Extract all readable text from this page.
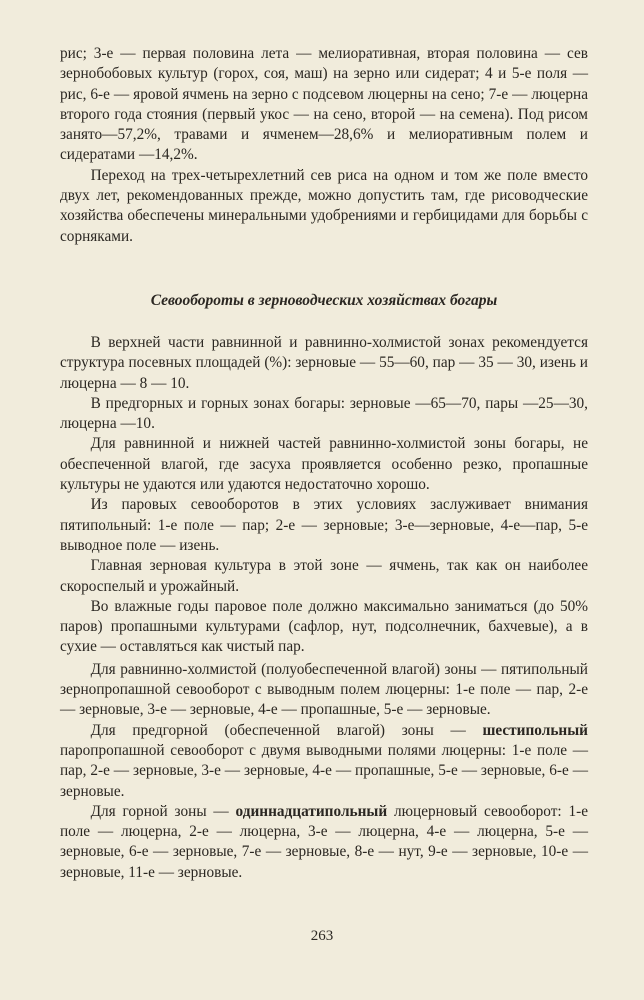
рис; 3-е — первая половина лета — мелиоративная, вторая половина — сев зернобобовых культур (горох, соя, маш) на зерно или сидерат; 4 и 5-е поля — рис, 6-е — яровой ячмень на зерно с подсевом люцерны на сено; 7-е — люцерна второго года стояния (первый укос — на сено, второй — на семена). Под рисом занято—57,2%, травами и ячменем—28,6% и мелиоративным полем и сидератами —14,2%.

Переход на трех-четырехлетний сев риса на одном и том же поле вместо двух лет, рекомендованных прежде, можно допустить там, где рисоводческие хозяйства обеспечены минеральными удобрениями и гербицидами для борьбы с сорняками.

Севообороты в зерноводческих хозяйствах богары

В верхней части равнинной и равнинно-холмистой зонах рекомендуется структура посевных площадей (%): зерновые — 55—60, пар — 35 — 30, изень и люцерна — 8 — 10.

В предгорных и горных зонах богары: зерновые —65—70, пары —25—30, люцерна —10.

Для равнинной и нижней частей равнинно-холмистой зоны богары, не обеспеченной влагой, где засуха проявляется особенно резко, пропашные культуры не удаются или удаются недостаточно хорошо.

Из паровых севооборотов в этих условиях заслуживает внимания пятипольный: 1-е поле — пар; 2-е — зерновые; 3-е—зерновые, 4-е—пар, 5-е выводное поле — изень.

Главная зерновая культура в этой зоне — ячмень, так как он наиболее скороспелый и урожайный.

Во влажные годы паровое поле должно максимально заниматься (до 50% паров) пропашными культурами (сафлор, нут, подсолнечник, бахчевые), а в сухие — оставляться как чистый пар.

Для равнинно-холмистой (полуобеспеченной влагой) зоны — пятипольный зернопропашной севооборот с выводным полем люцерны: 1-е поле — пар, 2-е — зерновые, 3-е — зерновые, 4-е — пропашные, 5-е — зерновые.

Для предгорной (обеспеченной влагой) зоны — шестипольный паропропашной севооборот с двумя выводными полями люцерны: 1-е поле — пар, 2-е — зерновые, 3-е — зерновые, 4-е — пропашные, 5-е — зерновые, 6-е — зерновые.

Для горной зоны — одиннадцатипольный люцерновый севооборот: 1-е поле — люцерна, 2-е — люцерна, 3-е — люцерна, 4-е — люцерна, 5-е — зерновые, 6-е — зерновые, 7-е — зерновые, 8-е — нут, 9-е — зерновые, 10-е — зерновые, 11-е — зерновые.

263
